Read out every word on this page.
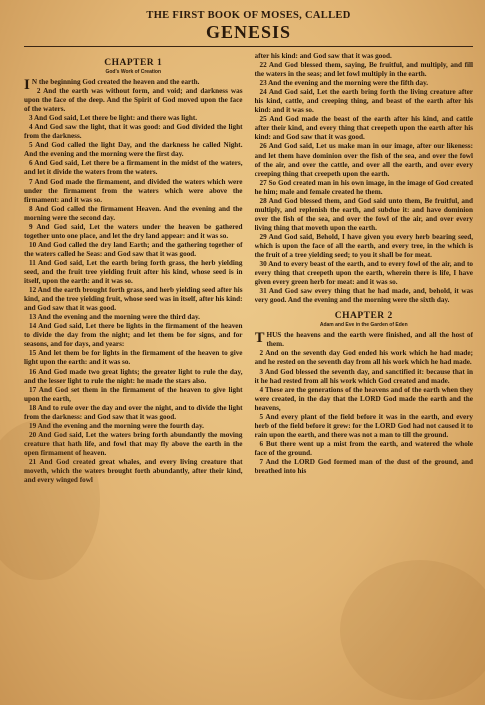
THE FIRST BOOK OF MOSES, CALLED

GENESIS

CHAPTER 1

God's Work of Creation

I N the beginning God created the heaven and the earth.

2 And the earth was without form, and void; and darkness was upon the face of the deep. And the Spirit of God moved upon the face of the waters.

3 And God said, Let there be light: and there was light.

4 And God saw the light, that it was good: and God divided the light from the darkness.

5 And God called the light Day, and the darkness he called Night. And the evening and the morning were the first day.

6 And God said, Let there be a firmament in the midst of the waters, and let it divide the waters from the waters.

7 And God made the firmament, and divided the waters which were under the firmament from the waters which were above the firmament: and it was so.

8 And God called the firmament Heaven. And the evening and the morning were the second day.

9 And God said, Let the waters under the heaven be gathered together unto one place, and let the dry land appear: and it was so.

10 And God called the dry land Earth; and the gathering together of the waters called he Seas: and God saw that it was good.

11 And God said, Let the earth bring forth grass, the herb yielding seed, and the fruit tree yielding fruit after his kind, whose seed is in itself, upon the earth: and it was so.

12 And the earth brought forth grass, and herb yielding seed after his kind, and the tree yielding fruit, whose seed was in itself, after his kind: and God saw that it was good.

13 And the evening and the morning were the third day.

14 And God said, Let there be lights in the firmament of the heaven to divide the day from the night; and let them be for signs, and for seasons, and for days, and years:

15 And let them be for lights in the firmament of the heaven to give light upon the earth: and it was so.

16 And God made two great lights; the greater light to rule the day, and the lesser light to rule the night: he made the stars also.

17 And God set them in the firmament of the heaven to give light upon the earth,

18 And to rule over the day and over the night, and to divide the light from the darkness: and God saw that it was good.

19 And the evening and the morning were the fourth day.

20 And God said, Let the waters bring forth abundantly the moving creature that hath life, and fowl that may fly above the earth in the open firmament of heaven.

21 And God created great whales, and every living creature that moveth, which the waters brought forth abundantly, after their kind, and every winged fowl

after his kind: and God saw that it was good.

22 And God blessed them, saying, Be fruitful, and multiply, and fill the waters in the seas; and let fowl multiply in the earth.

23 And the evening and the morning were the fifth day.

24 And God said, Let the earth bring forth the living creature after his kind, cattle, and creeping thing, and beast of the earth after his kind: and it was so.

25 And God made the beast of the earth after his kind, and cattle after their kind, and every thing that creepeth upon the earth after his kind: and God saw that it was good.

26 And God said, Let us make man in our image, after our likeness: and let them have dominion over the fish of the sea, and over the fowl of the air, and over the cattle, and over all the earth, and over every creeping thing that creepeth upon the earth.

27 So God created man in his own image, in the image of God created he him; male and female created he them.

28 And God blessed them, and God said unto them, Be fruitful, and multiply, and replenish the earth, and subdue it: and have dominion over the fish of the sea, and over the fowl of the air, and over every living thing that moveth upon the earth.

29 And God said, Behold, I have given you every herb bearing seed, which is upon the face of all the earth, and every tree, in the which is the fruit of a tree yielding seed; to you it shall be for meat.

30 And to every beast of the earth, and to every fowl of the air, and to every thing that creepeth upon the earth, wherein there is life, I have given every green herb for meat: and it was so.

31 And God saw every thing that he had made, and, behold, it was very good. And the evening and the morning were the sixth day.

CHAPTER 2

Adam and Eve in the Garden of Eden

THUS the heavens and the earth were finished, and all the host of them.

2 And on the seventh day God ended his work which he had made; and he rested on the seventh day from all his work which he had made.

3 And God blessed the seventh day, and sanctified it: because that in it he had rested from all his work which God created and made.

4 These are the generations of the heavens and of the earth when they were created, in the day that the LORD God made the earth and the heavens,

5 And every plant of the field before it was in the earth, and every herb of the field before it grew: for the LORD God had not caused it to rain upon the earth, and there was not a man to till the ground.

6 But there went up a mist from the earth, and watered the whole face of the ground.

7 And the LORD God formed man of the dust of the ground, and breathed into his
